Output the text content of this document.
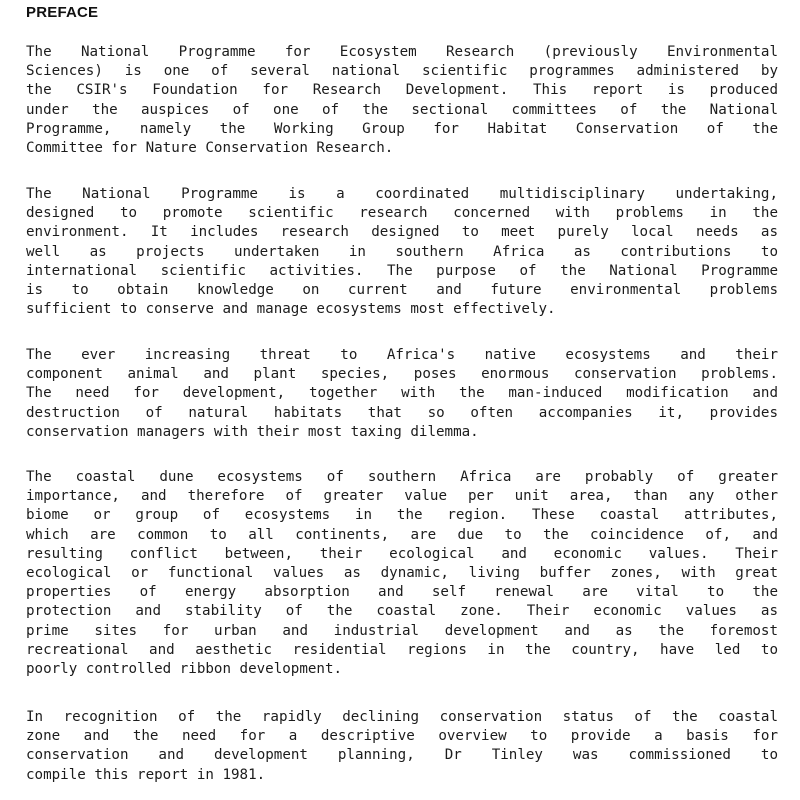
PREFACE
The National Programme for Ecosystem Research (previously Environmental
Sciences) is one of several national scientific programmes administered by
the CSIR's Foundation for Research Development. This report is produced
under the auspices of one of the sectional committees of the National
Programme, namely the Working Group for Habitat Conservation of the
Committee for Nature Conservation Research.
The National Programme is a coordinated multidisciplinary undertaking,
designed to promote scientific research concerned with problems in the
environment. It includes research designed to meet purely local needs as
well as projects undertaken in southern Africa as contributions to
international scientific activities. The purpose of the National Programme
is to obtain knowledge on current and future environmental problems
sufficient to conserve and manage ecosystems most effectively.
The ever increasing threat to Africa's native ecosystems and their
component animal and plant species, poses enormous conservation problems.
The need for development, together with the man-induced modification and
destruction of natural habitats that so often accompanies it, provides
conservation managers with their most taxing dilemma.
The coastal dune ecosystems of southern Africa are probably of greater
importance, and therefore of greater value per unit area, than any other
biome or group of ecosystems in the region. These coastal attributes,
which are common to all continents, are due to the coincidence of, and
resulting conflict between, their ecological and economic values. Their
ecological or functional values as dynamic, living buffer zones, with great
properties of energy absorption and self renewal are vital to the
protection and stability of the coastal zone. Their economic values as
prime sites for urban and industrial development and as the foremost
recreational and aesthetic residential regions in the country, have led to
poorly controlled ribbon development.
In recognition of the rapidly declining conservation status of the coastal
zone and the need for a descriptive overview to provide a basis for
conservation and development planning, Dr Tinley was commissioned to
compile this report in 1981.
